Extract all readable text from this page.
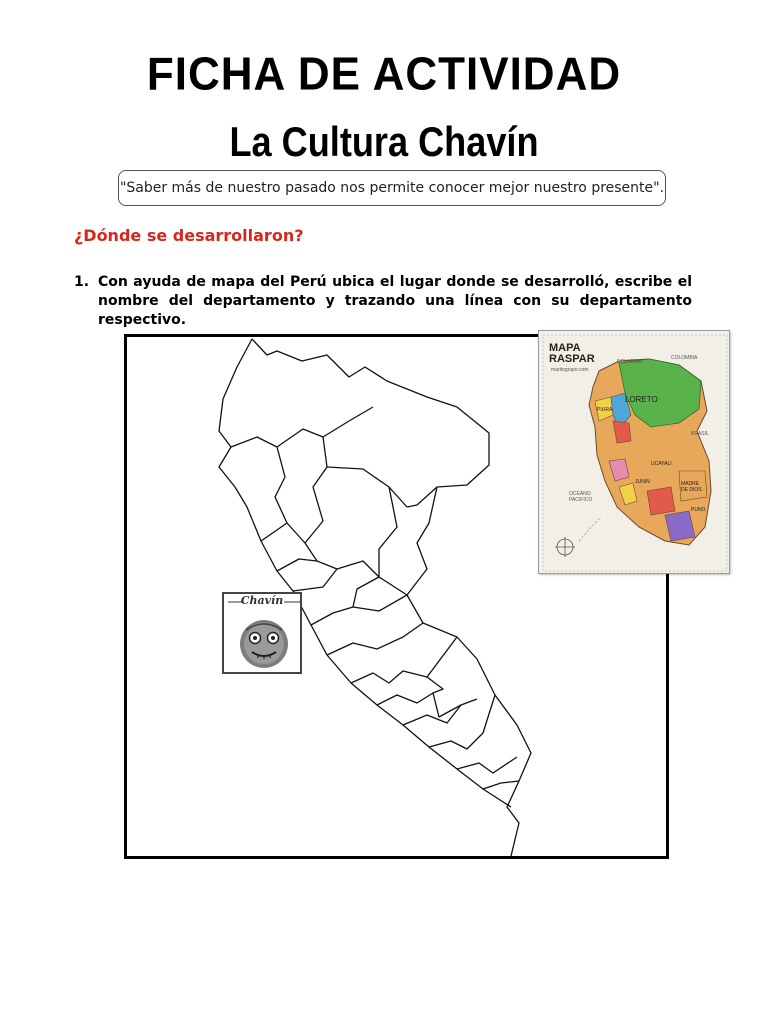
FICHA DE ACTIVIDAD
La Cultura Chavín
"Saber más de nuestro pasado nos permite conocer mejor nuestro presente".
¿Dónde se desarrollaron?
1. Con ayuda de mapa del Perú ubica el lugar donde se desarrolló, escribe el nombre del departamento y trazando una línea con su departamento respectivo.
Chavín
MAPA RASPAR
maritogrupo.com
ECUADOR
COLOMBIA
BRASIL
OCEANO PACIFICO
LORETO
PIURA
UCAYALI
JUNIN	MADRE DE DIOS
PUNO
